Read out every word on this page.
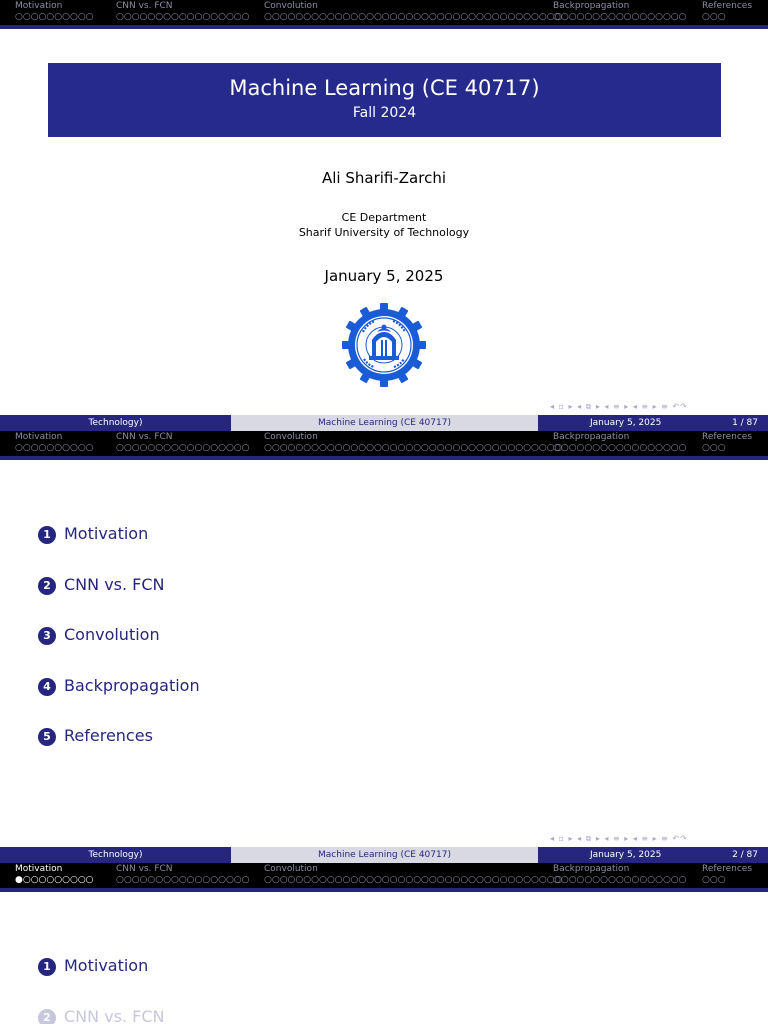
Motivation
○○○○○○○○○○
CNN vs. FCN
○○○○○○○○○○○○○○○○○
Convolution
○○○○○○○○○○○○○○○○○○○○○○○○○○○○○○○○○○○○○○
Backpropagation
○○○○○○○○○○○○○○○○○
References
○○○
Machine Learning (CE 40717)
Fall 2024
Ali Sharifi-Zarchi
CE Department
Sharif University of Technology
January 5, 2025
◂ ▫ ▸ ◂ ⧉ ▸ ◂ ≡ ▸ ◂ ≡ ▸ ≡ ↶↷
Technology)	Machine Learning (CE 40717)	January 5, 2025	1 / 87
Motivation
○○○○○○○○○○
CNN vs. FCN
○○○○○○○○○○○○○○○○○
Convolution
○○○○○○○○○○○○○○○○○○○○○○○○○○○○○○○○○○○○○○
Backpropagation
○○○○○○○○○○○○○○○○○
References
○○○
1 Motivation
2 CNN vs. FCN
3 Convolution
4 Backpropagation
5 References
◂ ▫ ▸ ◂ ⧉ ▸ ◂ ≡ ▸ ◂ ≡ ▸ ≡ ↶↷
Technology)	Machine Learning (CE 40717)	January 5, 2025	2 / 87
Motivation
●○○○○○○○○○
CNN vs. FCN
○○○○○○○○○○○○○○○○○
Convolution
○○○○○○○○○○○○○○○○○○○○○○○○○○○○○○○○○○○○○○
Backpropagation
○○○○○○○○○○○○○○○○○
References
○○○
1 Motivation
2 CNN vs. FCN
